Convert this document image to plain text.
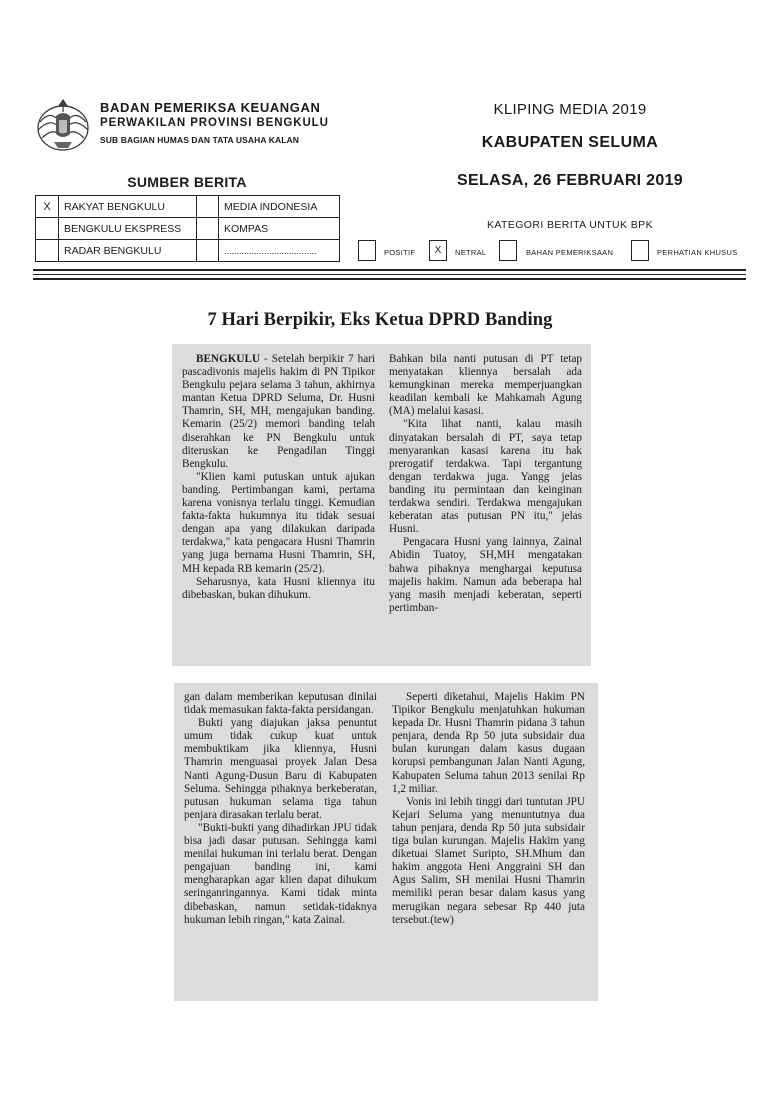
BADAN PEMERIKSA KEUANGAN
PERWAKILAN PROVINSI BENGKULU
SUB BAGIAN HUMAS DAN TATA USAHA KALAN
KLIPING MEDIA 2019
KABUPATEN SELUMA
SELASA, 26 FEBRUARI 2019
SUMBER BERITA
X	RAKYAT BENGKULU		MEDIA INDONESIA
	BENGKULU EKSPRESS		KOMPAS
	RADAR BENGKULU		.....................................
KATEGORI BERITA UNTUK BPK
POSITIF	X	NETRAL	BAHAN PEMERIKSAAN	PERHATIAN KHUSUS
7 Hari Berpikir, Eks Ketua DPRD Banding

BENGKULU - Setelah berpikir 7 hari pascadivonis majelis hakim di PN Tipikor Bengkulu pejara selama 3 tahun, akhirnya mantan Ketua DPRD Seluma, Dr. Husni Thamrin, SH, MH, mengajukan banding. Kemarin (25/2) memori banding telah diserahkan ke PN Bengkulu untuk diteruskan ke Pengadilan Tinggi Bengkulu.

"Klien kami putuskan untuk ajukan banding. Pertimbangan kami, pertama karena vonisnya terlalu tinggi. Kemudian fakta-fakta hukumnya itu tidak sesuai dengan apa yang dilakukan daripada terdakwa," kata pengacara Husni Thamrin yang juga bernama Husni Thamrin, SH, MH kepada RB kemarin (25/2).

Seharusnya, kata Husni kliennya itu dibebaskan, bukan dihukum.

Bahkan bila nanti putusan di PT tetap menyatakan kliennya bersalah ada kemungkinan mereka memperjuangkan keadilan kembali ke Mahkamah Agung (MA) melalui kasasi.

"Kita lihat nanti, kalau masih dinyatakan bersalah di PT, saya tetap menyarankan kasasi karena itu hak prerogatif terdakwa. Tapi tergantung dengan terdakwa juga. Yangg jelas banding itu permintaan dan keinginan terdakwa sendiri. Terdakwa mengajukan keberatan atas putusan PN itu," jelas Husni.

Pengacara Husni yang lainnya, Zainal Abidin Tuatoy, SH,MH mengatakan bahwa pihaknya menghargai keputusa majelis hakim. Namun ada beberapa hal yang masih menjadi keberatan, seperti pertimban-

gan dalam memberikan keputusan dinilai tidak memasukan fakta-fakta persidangan.

Bukti yang diajukan jaksa penuntut umum tidak cukup kuat untuk membuktikam jika kliennya, Husni Thamrin menguasai proyek Jalan Desa Nanti Agung-Dusun Baru di Kabupaten Seluma. Sehingga pihaknya berkeberatan, putusan hukuman selama tiga tahun penjara dirasakan terlalu berat.

"Bukti-bukti yang dihadirkan JPU tidak bisa jadi dasar putusan. Sehingga kami menilai hukuman ini terlalu berat. Dengan pengajuan banding ini, kami mengharapkan agar klien dapat dihukum seringanringannya. Kami tidak minta dibebaskan, namun setidak-tidaknya hukuman lebih ringan," kata Zainal.

Seperti diketahui, Majelis Hakim PN Tipikor Bengkulu menjatuhkan hukuman kepada Dr. Husni Thamrin pidana 3 tahun penjara, denda Rp 50 juta subsidair dua bulan kurungan dalam kasus dugaan korupsi pembangunan Jalan Nanti Agung, Kabupaten Seluma tahun 2013 senilai Rp 1,2 miliar.

Vonis ini lebih tinggi dari tuntutan JPU Kejari Seluma yang menuntutnya dua tahun penjara, denda Rp 50 juta subsidair tiga bulan kurungan. Majelis Hakim yang diketuai Slamet Suripto, SH.Mhum dan hakim anggota Heni Anggraini SH dan Agus Salim, SH menilai Husni Thamrin memiliki peran besar dalam kasus yang merugikan negara sebesar Rp 440 juta tersebut.(tew)
